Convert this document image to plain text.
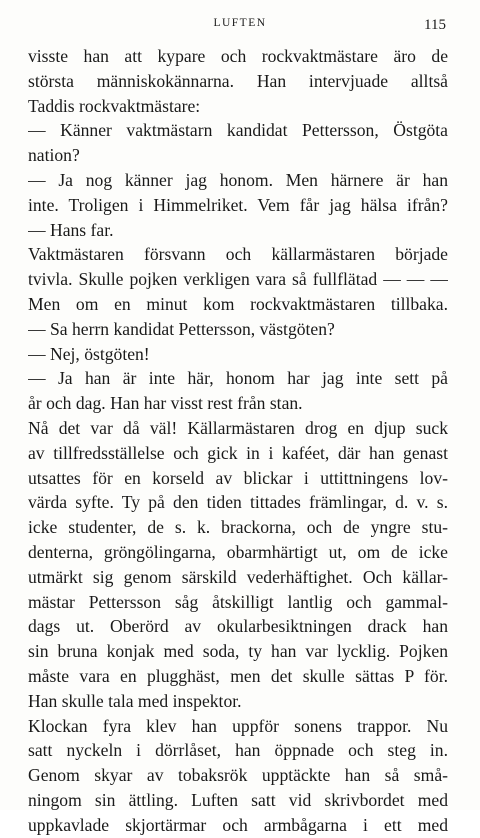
LUFTEN	115
visste han att kypare och rockvaktmästare äro de
största människokännarna. Han intervjuade alltså
Taddis rockvaktmästare:
— Känner vaktmästarn kandidat Pettersson, Östgöta
nation?
— Ja nog känner jag honom. Men härnere är han
inte. Troligen i Himmelriket. Vem får jag hälsa ifrån?
— Hans far.
Vaktmästaren försvann och källarmästaren började
tvivla. Skulle pojken verkligen vara så fullflätad — — —
Men om en minut kom rockvaktmästaren tillbaka.
— Sa herrn kandidat Pettersson, västgöten?
— Nej, östgöten!
— Ja han är inte här, honom har jag inte sett på
år och dag. Han har visst rest från stan.
Nå det var då väl! Källarmästaren drog en djup suck
av tillfredsställelse och gick in i kaféet, där han genast
utsattes för en korseld av blickar i uttittningens lov-
värda syfte. Ty på den tiden tittades främlingar, d. v. s.
icke studenter, de s. k. brackorna, och de yngre stu-
denterna, gröngölingarna, obarmhärtigt ut, om de icke
utmärkt sig genom särskild vederhäftighet. Och källar-
mästar Pettersson såg åtskilligt lantlig och gammal-
dags ut. Oberörd av okularbesiktningen drack han
sin bruna konjak med soda, ty han var lycklig. Pojken
måste vara en plugghäst, men det skulle sättas P för.
Han skulle tala med inspektor.
Klockan fyra klev han uppför sonens trappor. Nu
satt nyckeln i dörrlåset, han öppnade och steg in.
Genom skyar av tobaksrök upptäckte han så små-
ningom sin ättling. Luften satt vid skrivbordet med
uppkavlade skjortärmar och armbågarna i ett med
